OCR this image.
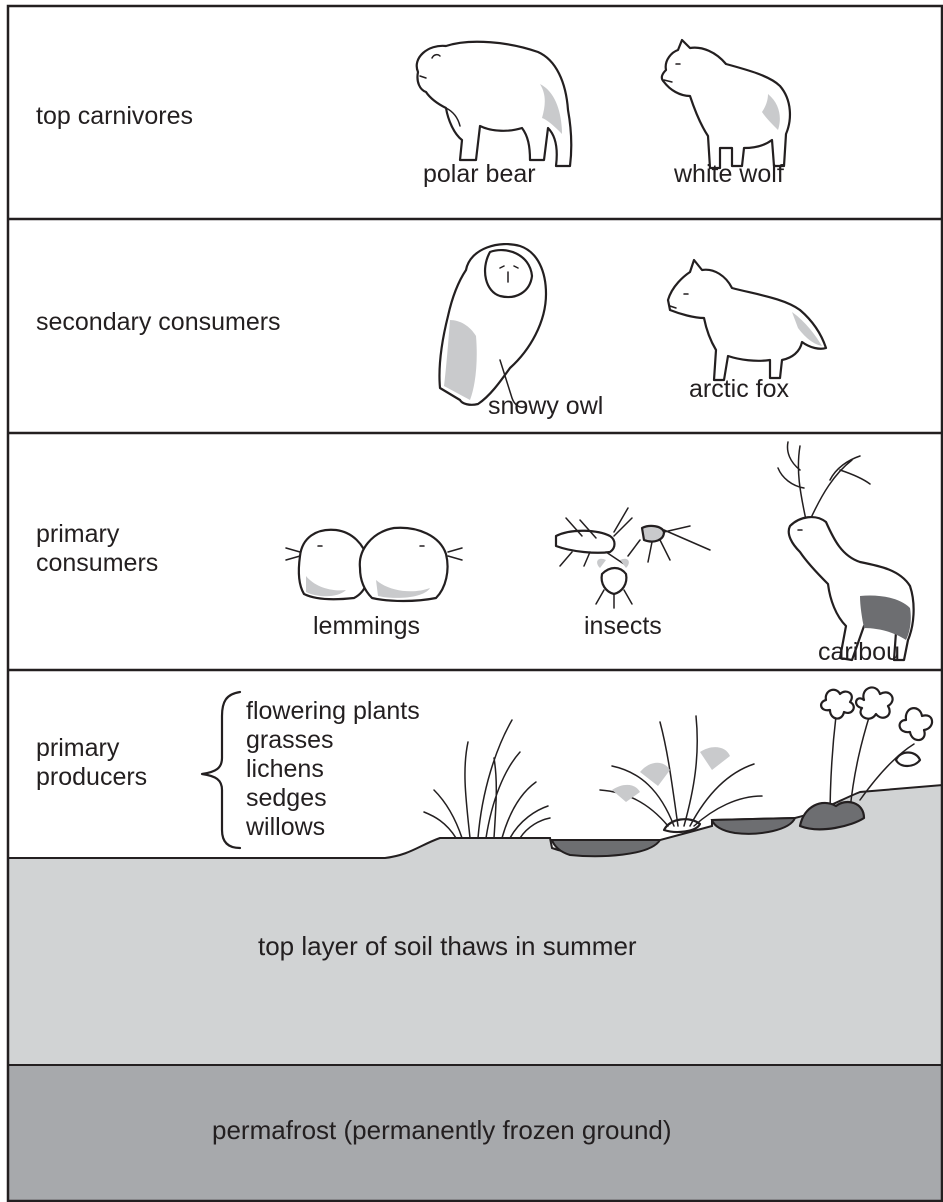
top carnivores
secondary consumers
primary
consumers
primary
producers
polar bear	white wolf
snowy owl
arctic fox
lemmings	insects
caribou
flowering plants
grasses
lichens
sedges
willows
top layer of soil thaws in summer
permafrost (permanently frozen ground)
